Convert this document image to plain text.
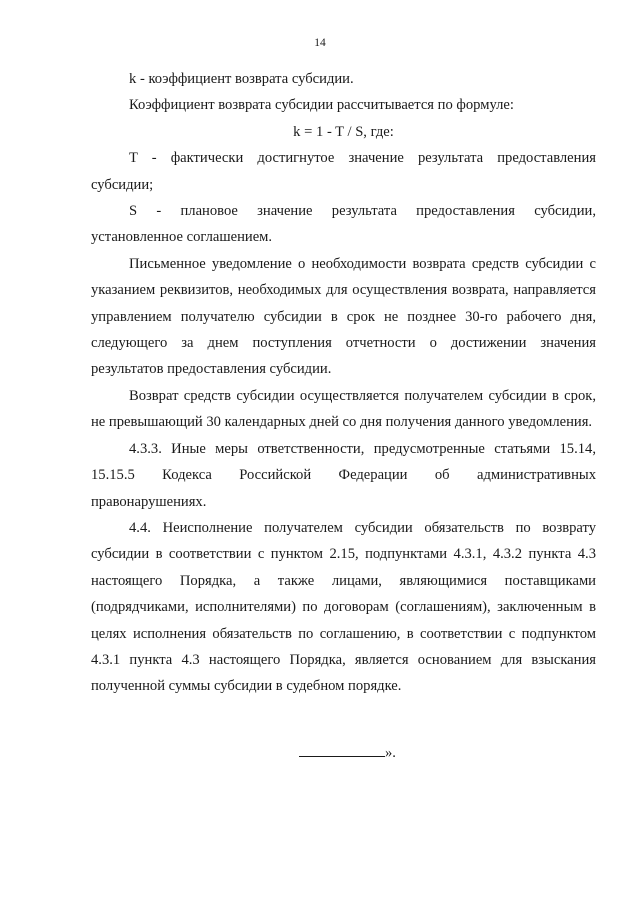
14

k - коэффициент возврата субсидии.

Коэффициент возврата субсидии рассчитывается по формуле:

k = 1 - T / S, где:

T - фактически достигнутое значение результата предоставления субсидии;

S - плановое значение результата предоставления субсидии, установленное соглашением.

Письменное уведомление о необходимости возврата средств субсидии с указанием реквизитов, необходимых для осуществления возврата, направляется управлением получателю субсидии в срок не позднее 30-го рабочего дня, следующего за днем поступления отчетности о достижении значения результатов предоставления субсидии.

Возврат средств субсидии осуществляется получателем субсидии в срок, не превышающий 30 календарных дней со дня получения данного уведомления.

4.3.3. Иные меры ответственности, предусмотренные статьями 15.14, 15.15.5 Кодекса Российской Федерации об административных правонарушениях.

4.4. Неисполнение получателем субсидии обязательств по возврату субсидии в соответствии с пунктом 2.15, подпунктами 4.3.1, 4.3.2 пункта 4.3 настоящего Порядка, а также лицами, являющимися поставщиками (подрядчиками, исполнителями) по договорам (соглашениям), заключенным в целях исполнения обязательств по соглашению, в соответствии с подпунктом 4.3.1 пункта 4.3 настоящего Порядка, является основанием для взыскания полученной суммы субсидии в судебном порядке.

».
